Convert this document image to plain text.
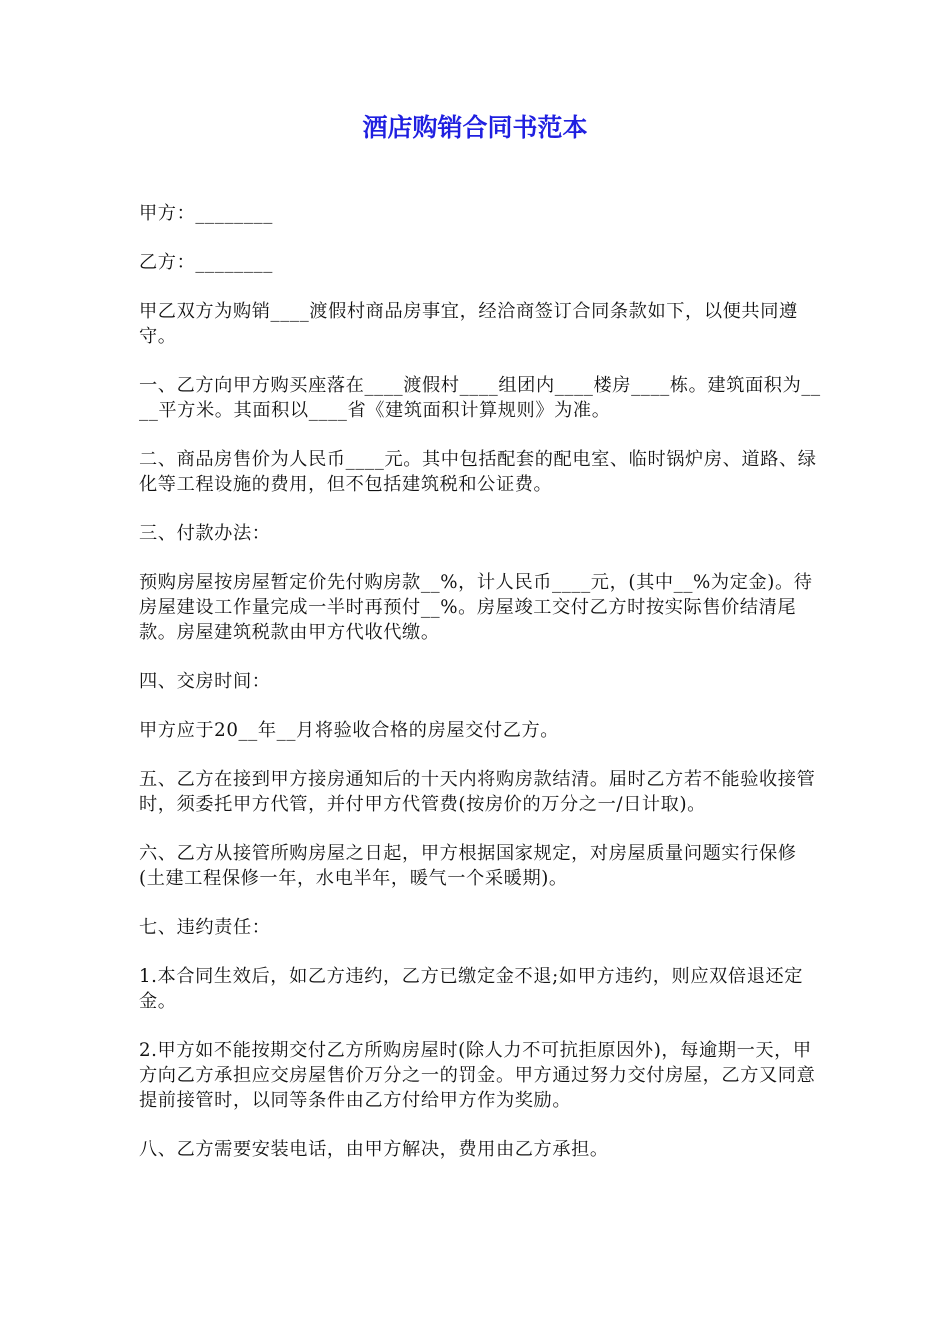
酒店购销合同书范本

甲方：________

乙方：________

甲乙双方为购销____渡假村商品房事宜，经洽商签订合同条款如下，以便共同遵守。

一、乙方向甲方购买座落在____渡假村____组团内____楼房____栋。建筑面积为____平方米。其面积以____省《建筑面积计算规则》为准。

二、商品房售价为人民币____元。其中包括配套的配电室、临时锅炉房、道路、绿化等工程设施的费用，但不包括建筑税和公证费。

三、付款办法：

预购房屋按房屋暂定价先付购房款__%，计人民币____元，(其中__%为定金)。待房屋建设工作量完成一半时再预付__%。房屋竣工交付乙方时按实际售价结清尾款。房屋建筑税款由甲方代收代缴。

四、交房时间：

甲方应于20__年__月将验收合格的房屋交付乙方。

五、乙方在接到甲方接房通知后的十天内将购房款结清。届时乙方若不能验收接管时，须委托甲方代管，并付甲方代管费(按房价的万分之一/日计取)。

六、乙方从接管所购房屋之日起，甲方根据国家规定，对房屋质量问题实行保修(土建工程保修一年，水电半年，暖气一个采暖期)。

七、违约责任：

1.本合同生效后，如乙方违约，乙方已缴定金不退;如甲方违约，则应双倍退还定金。

2.甲方如不能按期交付乙方所购房屋时(除人力不可抗拒原因外)，每逾期一天，甲方向乙方承担应交房屋售价万分之一的罚金。甲方通过努力交付房屋，乙方又同意提前接管时，以同等条件由乙方付给甲方作为奖励。

八、乙方需要安装电话，由甲方解决，费用由乙方承担。
